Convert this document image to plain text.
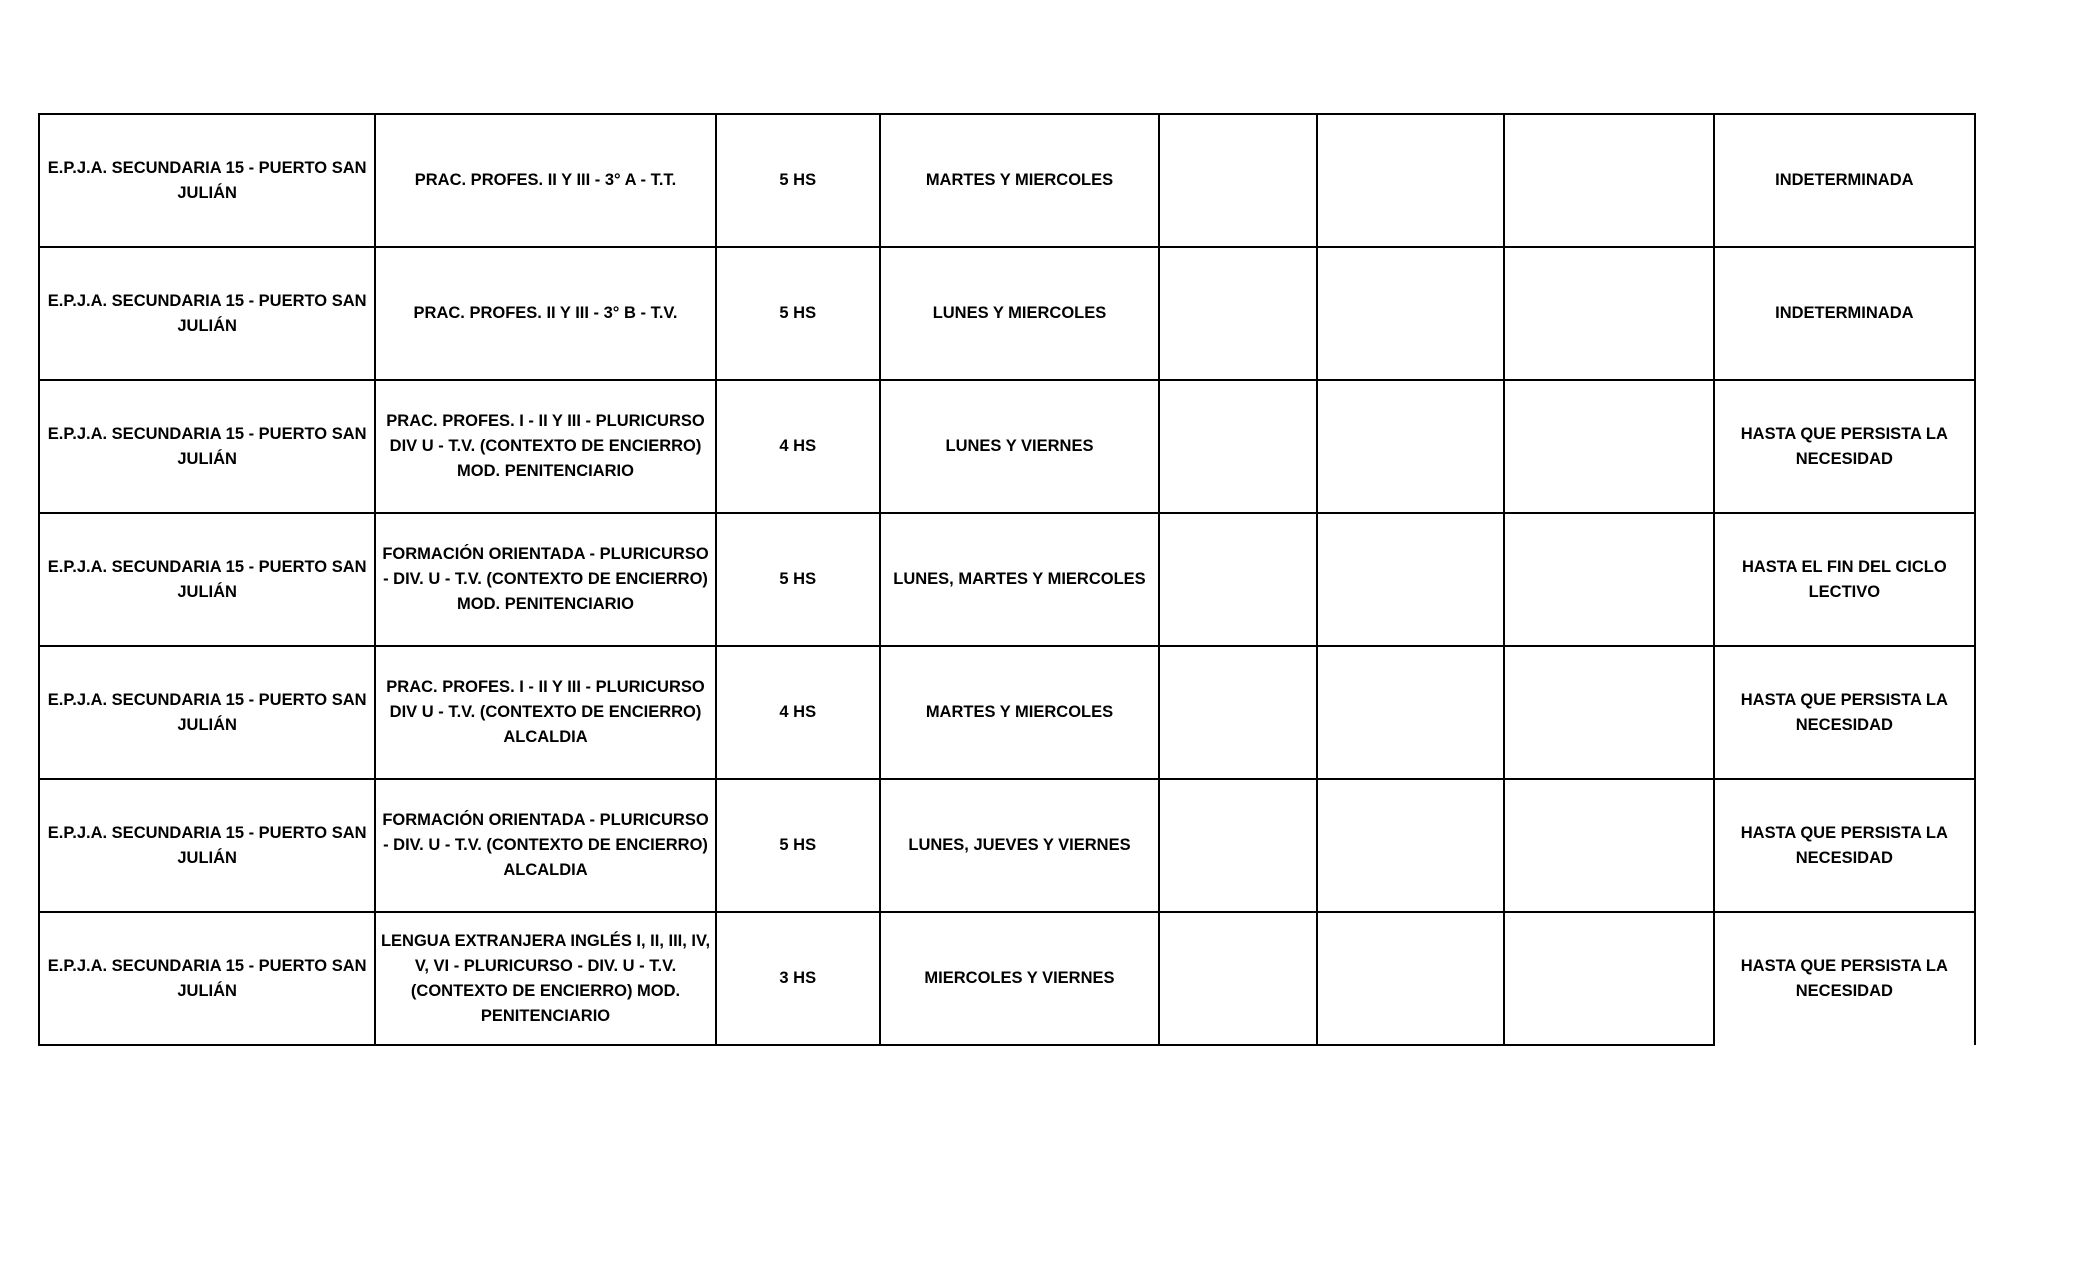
E.P.J.A. SECUNDARIA 15 - PUERTO SAN JULIÁN	PRAC. PROFES. II Y III - 3° A - T.T.	5 HS	MARTES Y MIERCOLES				INDETERMINADA
E.P.J.A. SECUNDARIA 15 - PUERTO SAN JULIÁN	PRAC. PROFES. II Y III - 3° B - T.V.	5 HS	LUNES Y MIERCOLES				INDETERMINADA
E.P.J.A. SECUNDARIA 15 - PUERTO SAN JULIÁN	PRAC. PROFES. I - II Y III - PLURICURSO DIV U - T.V. (CONTEXTO DE ENCIERRO) MOD. PENITENCIARIO	4 HS	LUNES Y VIERNES				HASTA QUE PERSISTA LA NECESIDAD
E.P.J.A. SECUNDARIA 15 - PUERTO SAN JULIÁN	FORMACIÓN ORIENTADA - PLURICURSO - DIV. U - T.V. (CONTEXTO DE ENCIERRO) MOD. PENITENCIARIO	5 HS	LUNES, MARTES Y MIERCOLES				HASTA EL FIN DEL CICLO LECTIVO
E.P.J.A. SECUNDARIA 15 - PUERTO SAN JULIÁN	PRAC. PROFES. I - II Y III - PLURICURSO DIV U - T.V. (CONTEXTO DE ENCIERRO) ALCALDIA	4 HS	MARTES Y MIERCOLES				HASTA QUE PERSISTA LA NECESIDAD
E.P.J.A. SECUNDARIA 15 - PUERTO SAN JULIÁN	FORMACIÓN ORIENTADA - PLURICURSO - DIV. U - T.V. (CONTEXTO DE ENCIERRO) ALCALDIA	5 HS	LUNES, JUEVES Y VIERNES				HASTA QUE PERSISTA LA NECESIDAD
E.P.J.A. SECUNDARIA 15 - PUERTO SAN JULIÁN	LENGUA EXTRANJERA INGLÉS I, II, III, IV, V, VI - PLURICURSO - DIV. U - T.V. (CONTEXTO DE ENCIERRO) MOD. PENITENCIARIO	3 HS	MIERCOLES Y VIERNES				HASTA QUE PERSISTA LA NECESIDAD
